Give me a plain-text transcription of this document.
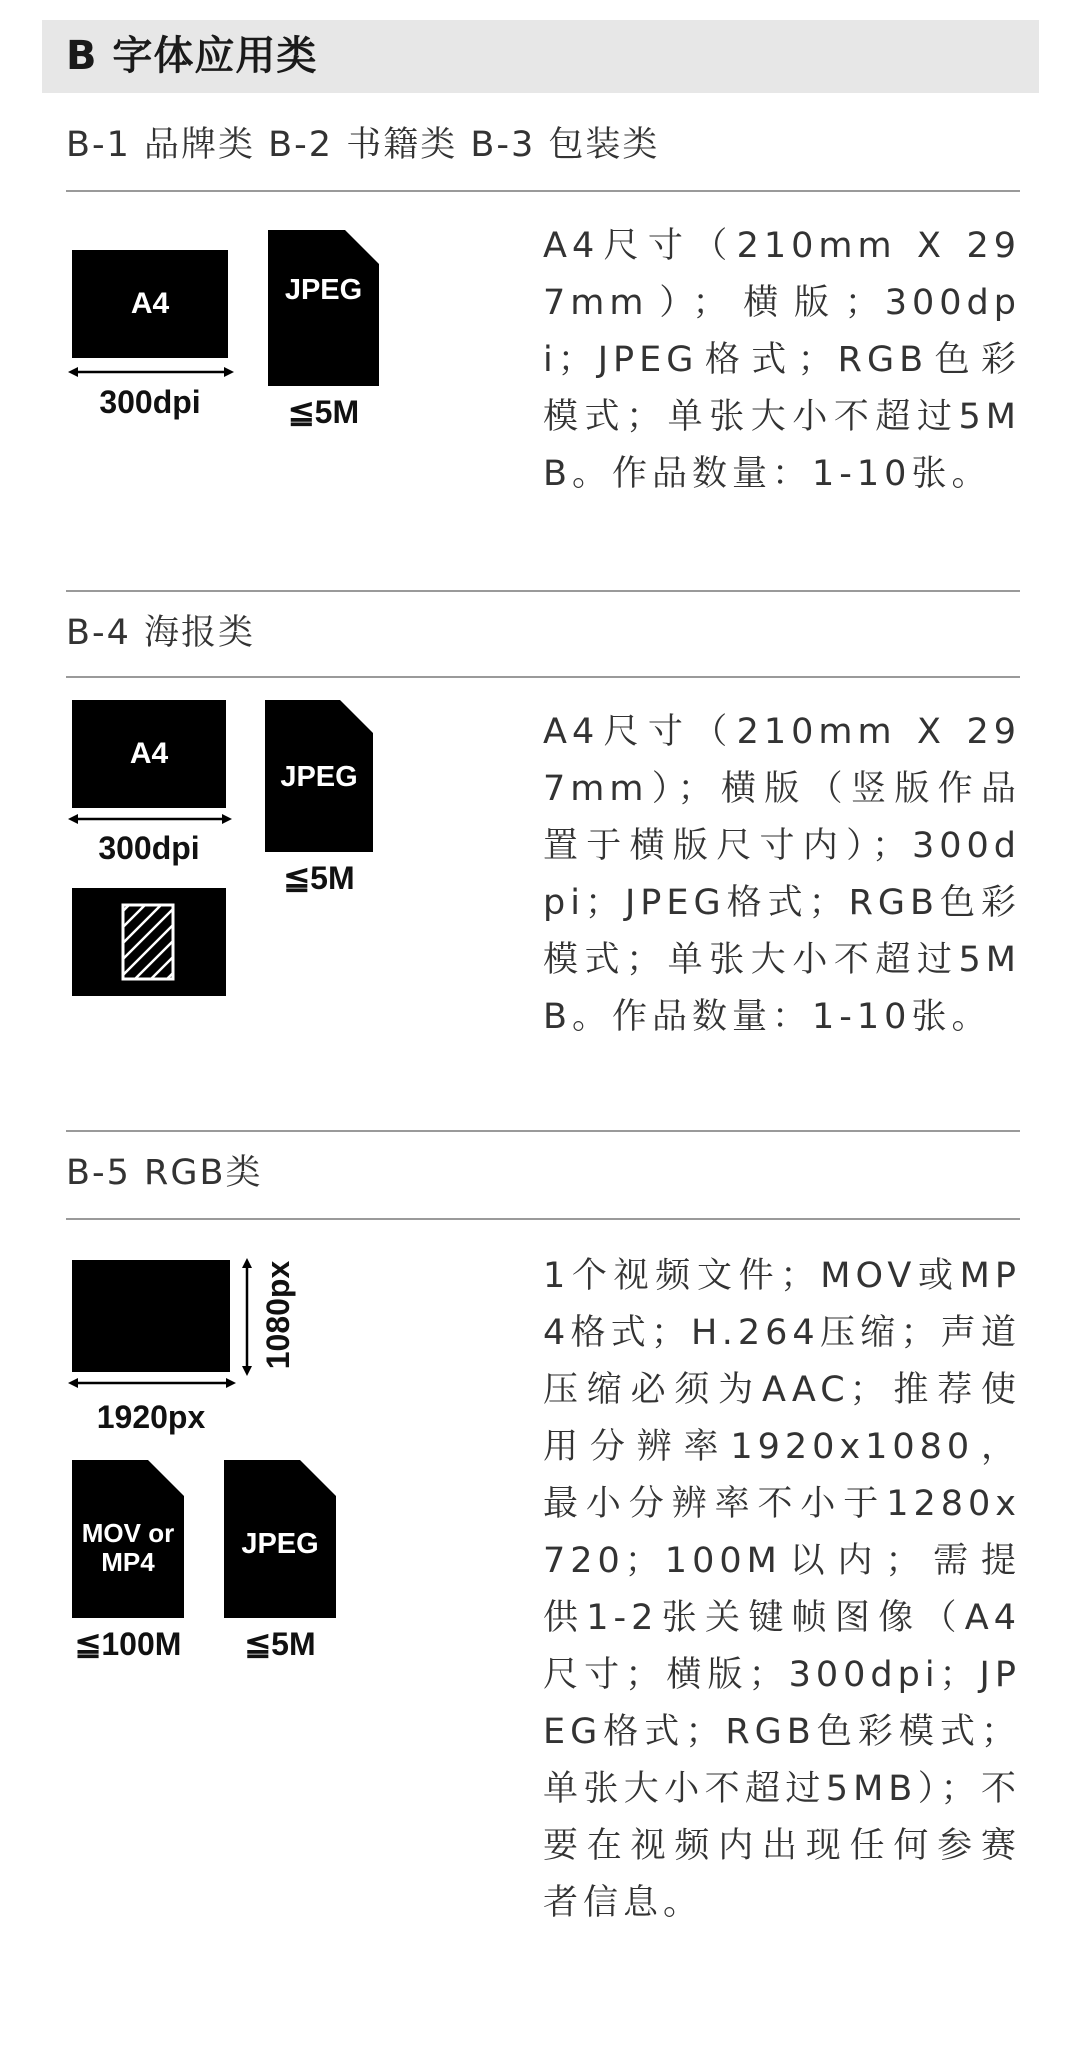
B 字体应用类
B-1 品牌类 B-2 书籍类 B-3 包装类
A4
300dpi
JPEG
≦5M
A4尺寸（210mm X 297mm）；横版；300dpi；JPEG格式；RGB色彩模式；单张大小不超过5MB。作品数量：1-10张。
B-4 海报类
A4
300dpi
JPEG
≦5M
A4尺寸（210mm X 297mm）；横版（竖版作品置于横版尺寸内）；300dpi；JPEG格式；RGB色彩模式；单张大小不超过5MB。作品数量：1-10张。
B-5 RGB类
1080px
1920px
MOV or MP4
≦100M
JPEG
≦5M
1个视频文件；MOV或MP4格式；H.264压缩；声道压缩必须为AAC；推荐使用分辨率1920x1080，最小分辨率不小于1280x720；100M以内；需提供1-2张关键帧图像（A4尺寸；横版；300dpi；JPEG格式；RGB色彩模式；单张大小不超过5MB）；不要在视频内出现任何参赛者信息。
